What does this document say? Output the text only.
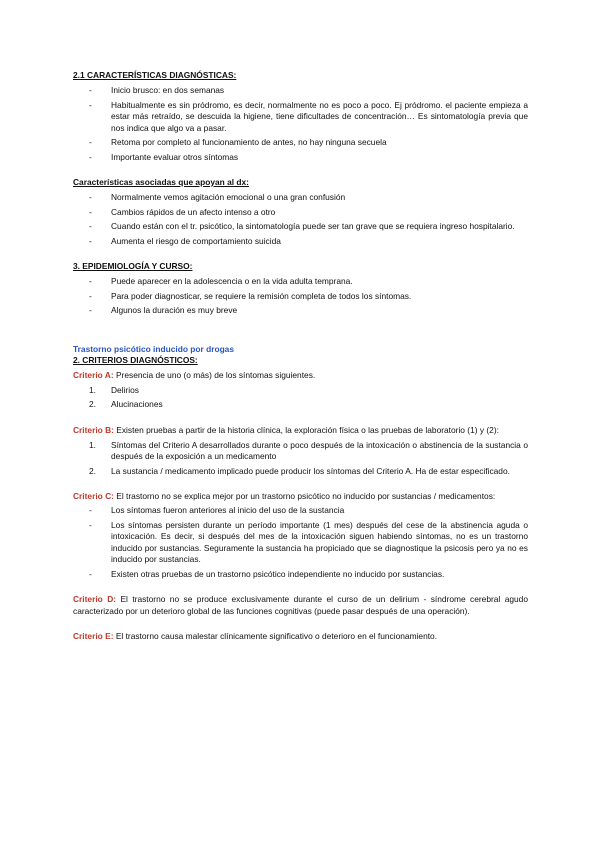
2.1 CARACTERÍSTICAS DIAGNÓSTICAS:

- Inicio brusco: en dos semanas
- Habitualmente es sin pródromo, es decir, normalmente no es poco a poco. Ej pródromo. el paciente empieza a estar más retraído, se descuida la higiene, tiene dificultades de concentración… Es sintomatología previa que nos indica que algo va a pasar.
- Retoma por completo al funcionamiento de antes, no hay ninguna secuela
- Importante evaluar otros síntomas

Características asociadas que apoyan al dx:

- Normalmente vemos agitación emocional o una gran confusión
- Cambios rápidos de un afecto intenso a otro
- Cuando están con el tr. psicótico, la sintomatología puede ser tan grave que se requiera ingreso hospitalario.
- Aumenta el riesgo de comportamiento suicida

3. EPIDEMIOLOGÍA Y CURSO:

- Puede aparecer en la adolescencia o en la vida adulta temprana.
- Para poder diagnosticar, se requiere la remisión completa de todos los síntomas.
- Algunos la duración es muy breve

Trastorno psicótico inducido por drogas

2. CRITERIOS DIAGNÓSTICOS:

Criterio A: Presencia de uno (o más) de los síntomas siguientes.

1. Delirios
2. Alucinaciones

Criterio B: Existen pruebas a partir de la historia clínica, la exploración física o las pruebas de laboratorio (1) y (2):

1. Síntomas del Criterio A desarrollados durante o poco después de la intoxicación o abstinencia de la sustancia o después de la exposición a un medicamento
2. La sustancia / medicamento implicado puede producir los síntomas del Criterio A. Ha de estar especificado.

Criterio C: El trastorno no se explica mejor por un trastorno psicótico no inducido por sustancias / medicamentos:

- Los síntomas fueron anteriores al inicio del uso de la sustancia
- Los síntomas persisten durante un período importante (1 mes) después del cese de la abstinencia aguda o intoxicación. Es decir, si después del mes de la intoxicación siguen habiendo síntomas, no es un trastorno inducido por sustancias. Seguramente la sustancia ha propiciado que se diagnostique la psicosis pero ya no es inducido por sustancias.
- Existen otras pruebas de un trastorno psicótico independiente no inducido por sustancias.

Criterio D: El trastorno no se produce exclusivamente durante el curso de un delirium - síndrome cerebral agudo caracterizado por un deterioro global de las funciones cognitivas (puede pasar después de una operación).

Criterio E: El trastorno causa malestar clínicamente significativo o deterioro en el funcionamiento.
